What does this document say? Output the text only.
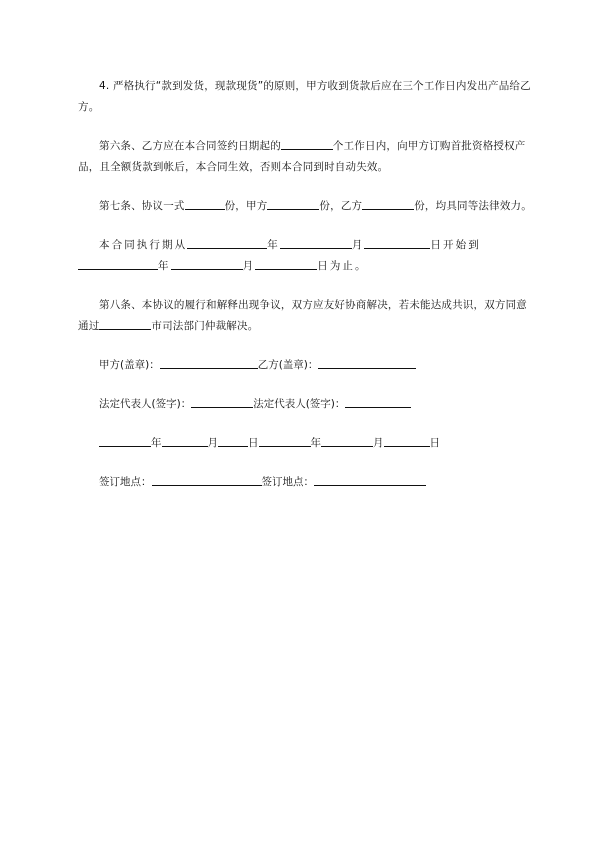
4. 严格执行“款到发货，现款现货”的原则，甲方收到货款后应在三个工作日内发出产品给乙方。

第六条、乙方应在本合同签约日期起的	个工作日内，向甲方订购首批资格授权产品，且全额货款到帐后，本合同生效，否则本合同到时自动失效。

第七条、协议一式	份，甲方	份，乙方	份，均具同等法律效力。

本合同执行期从	年	月	日开始到年	月	日为止。

第八条、本协议的履行和解释出现争议，双方应友好协商解决，若未能达成共识，双方同意通过	市司法部门仲裁解决。

甲方(盖章)：	乙方(盖章)：
法定代表人(签字)：	法定代表人(签字)：
年	月	日	年	月	日
签订地点：	签订地点：
